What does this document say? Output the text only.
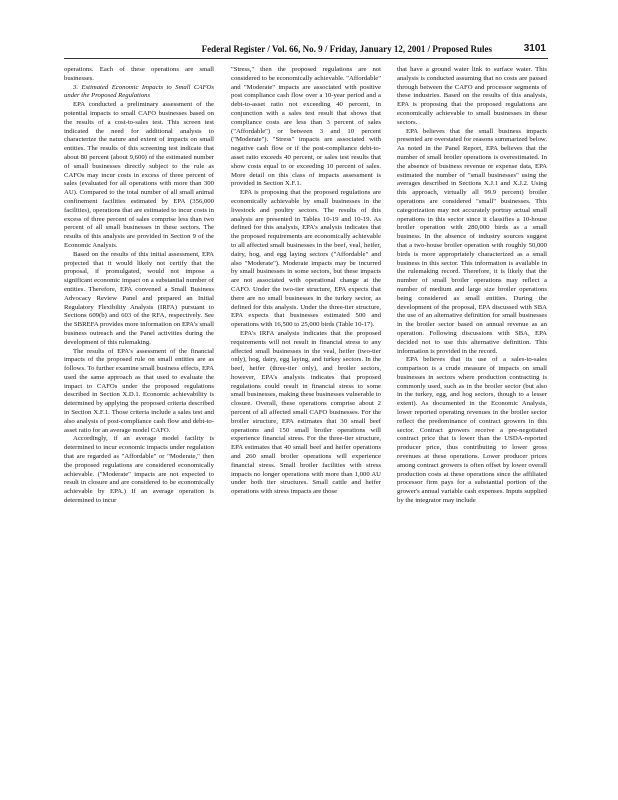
Federal Register / Vol. 66, No. 9 / Friday, January 12, 2001 / Proposed Rules	3101

operations. Each of these operations are small businesses.

3. Estimated Economic Impacts to Small CAFOs under the Proposed Regulations

EPA conducted a preliminary assessment of the potential impacts to small CAFO businesses based on the results of a cost-to-sales test. This screen test indicated the need for additional analysis to characterize the nature and extent of impacts on small entities. The results of this screening test indicate that about 80 percent (about 9,600) of the estimated number of small businesses directly subject to the rule as CAFOs may incur costs in excess of three percent of sales (evaluated for all operations with more than 300 AU). Compared to the total number of all small animal confinement facilities estimated by EPA (356,000 facilities), operations that are estimated to incur costs in excess of three percent of sales comprise less than two percent of all small businesses in these sectors. The results of this analysis are provided in Section 9 of the Economic Analysis.

Based on the results of this initial assessment, EPA projected that it would likely not certify that the proposal, if promulgated, would not impose a significant economic impact on a substantial number of entities. Therefore, EPA convened a Small Business Advocacy Review Panel and prepared an Initial Regulatory Flexibility Analysis (IRFA) pursuant to Sections 609(b) and 603 of the RFA, respectively. See the SBREFA provides more information on EPA's small business outreach and the Panel activities during the development of this rulemaking.

The results of EPA's assessment of the financial impacts of the proposed rule on small entities are as follows. To further examine small business effects, EPA used the same approach as that used to evaluate the impact to CAFOs under the proposed regulations described in Section X.D.1. Economic achievability is determined by applying the proposed criteria described in Section X.F.1. Those criteria include a sales test and also analysis of post-compliance cash flow and debt-to-asset ratio for an average model CAFO.

Accordingly, if an average model facility is determined to incur economic impacts under regulation that are regarded as "Affordable" or "Moderate," then the proposed regulations are considered economically achievable. ("Moderate" impacts are not expected to result in closure and are considered to be economically achievable by EPA.) If an average operation is determined to incur

"Stress," then the proposed regulations are not considered to be economically achievable. "Affordable" and "Moderate" impacts are associated with positive post compliance cash flow over a 10-year period and a debt-to-asset ratio not exceeding 40 percent, in conjunction with a sales test result that shows that compliance costs are less than 3 percent of sales ("Affordable") or between 3 and 10 percent ("Moderate"). "Stress" impacts are associated with negative cash flow or if the post-compliance debt-to-asset ratio exceeds 40 percent, or sales test results that show costs equal to or exceeding 10 percent of sales. More detail on this class of impacts assessment is provided in Section X.F.1.

EPA is proposing that the proposed regulations are economically achievable by small businesses in the livestock and poultry sectors. The results of this analysis are presented in Tables 10-19 and 10-19. As defined for this analysis, EPA's analysis indicates that the proposed requirements are economically achievable to all affected small businesses in the beef, veal, heifer, dairy, hog, and egg laying sectors ("Affordable" and also "Moderate"). Moderate impacts may be incurred by small businesses in some sectors, but these impacts are not associated with operational change at the CAFO. Under the two-tier structure, EPA expects that there are no small businesses in the turkey sector, as defined for this analysis. Under the three-tier structure, EPA expects that businesses estimated 500 and operations with 16,500 to 25,000 birds (Table 10-17).

EPA's IRFA analysis indicates that the proposed requirements will not result in financial stress to any affected small businesses in the veal, heifer (two-tier only), hog, dairy, egg laying, and turkey sectors. In the beef, heifer (three-tier only), and broiler sectors, however, EPA's analysis indicates that proposed regulations could result in financial stress to some small businesses, making these businesses vulnerable to closure. Overall, these operations comprise about 2 percent of all affected small CAFO businesses. For the broiler structure, EPA estimates that 30 small beef operations and 150 small broiler operations will experience financial stress. For the three-tier structure, EPA estimates that 40 small beef and heifer operations and 260 small broiler operations will experience financial stress. Small broiler facilities with stress impacts no longer operations with more than 1,000 AU under both tier structures. Small cattle and heifer operations with stress impacts are those

that have a ground water link to surface water. This analysis is conducted assuming that no costs are passed through between the CAFO and processor segments of these industries. Based on the results of this analysis, EPA is proposing that the proposed regulations are economically achievable to small businesses in these sectors.

EPA believes that the small business impacts presented are overstated for reasons summarized below. As noted in the Panel Report, EPA believes that the number of small broiler operations is overestimated. In the absence of business revenue or expense data, EPA estimated the number of "small businesses" using the averages described in Sections X.J.1 and X.J.2. Using this approach, virtually all 99.9 percent) broiler operations are considered "small" businesses. This categorization may not accurately portray actual small operations in this sector since it classifies a 10-house broiler operation with 280,000 birds as a small business. In the absence of industry sources suggest that a two-house broiler operation with roughly 50,000 birds is more appropriately characterized as a small business in this sector. This information is available in the rulemaking record. Therefore, it is likely that the number of small broiler operations may reflect a number of medium and large size broiler operations being considered as small entities. During the development of the proposal, EPA discussed with SBA the use of an alternative definition for small businesses in the broiler sector based on annual revenue as an operation. Following discussions with SBA, EPA decided not to use this alternative definition. This information is provided in the record.

EPA believes that its use of a sales-to-sales comparison is a crude measure of impacts on small businesses in sectors where production contracting is commonly used, such as in the broiler sector (but also in the turkey, egg, and hog sectors, though to a lesser extent). As documented in the Economic Analysis, lower reported operating revenues in the broiler sector reflect the predominance of contract growers in this sector. Contract growers receive a pre-negotiated contract price that is lower than the USDA-reported producer price, thus contributing to lower gross revenues at these operations. Lower producer prices among contract growers is often offset by lower overall production costs at these operations since the affiliated processor firm pays for a substantial portion of the grower's annual variable cash expenses. Inputs supplied by the integrator may include
